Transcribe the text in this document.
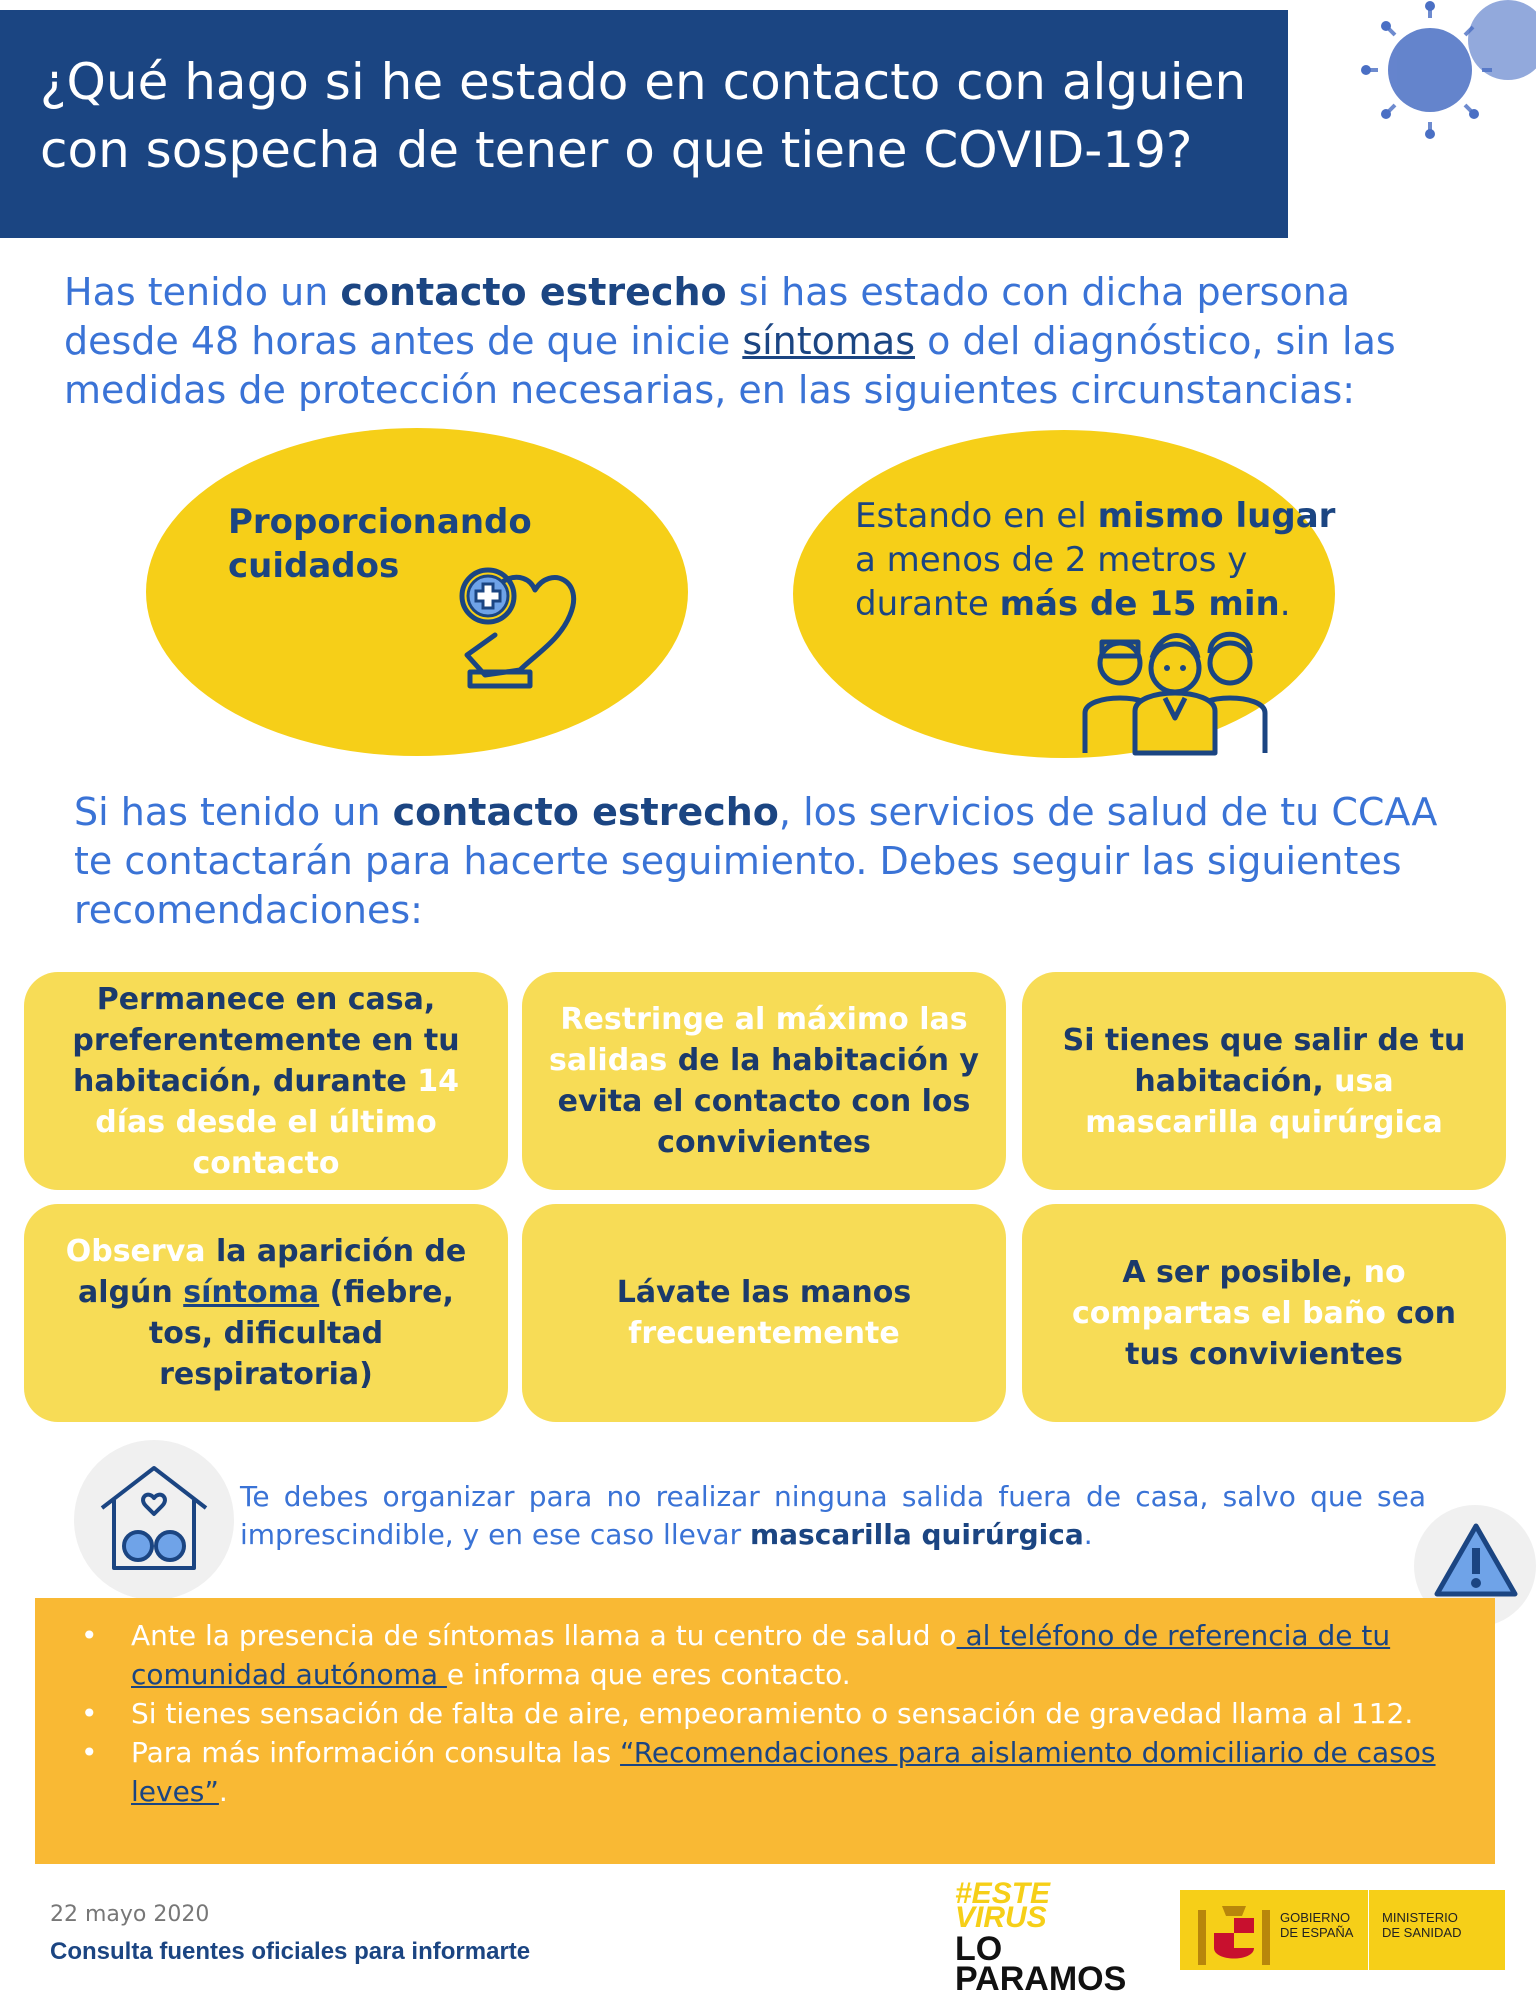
¿Qué hago si he estado en contacto con alguien
con sospecha de tener o que tiene COVID-19?
Has tenido un contacto estrecho si has estado con dicha persona desde 48 horas antes de que inicie síntomas o del diagnóstico, sin las medidas de protección necesarias, en las siguientes circunstancias:
Proporcionando
cuidados
Estando en el mismo lugar
a menos de 2 metros y
durante más de 15 min.
Si has tenido un contacto estrecho, los servicios de salud de tu CCAA te contactarán para hacerte seguimiento. Debes seguir las siguientes recomendaciones:
Permanece en casa, preferentemente en tu habitación, durante 14 días desde el último contacto
Restringe al máximo las salidas de la habitación y evita el contacto con los convivientes
Si tienes que salir de tu habitación, usa mascarilla quirúrgica
Observa la aparición de algún síntoma (fiebre, tos, dificultad respiratoria)
Lávate las manos frecuentemente
A ser posible, no compartas el baño con tus convivientes
Te debes organizar para no realizar ninguna salida fuera de casa, salvo que sea imprescindible, y en ese caso llevar mascarilla quirúrgica.
• Ante la presencia de síntomas llama a tu centro de salud o al teléfono de referencia de tu comunidad autónoma e informa que eres contacto.
• Si tienes sensación de falta de aire, empeoramiento o sensación de gravedad llama al 112.
• Para más información consulta las “Recomendaciones para aislamiento domiciliario de casos leves”.
22 mayo 2020
Consulta fuentes oficiales para informarte
#ESTE
VIRUS
LO
PARAMOS
GOBIERNO
DE ESPAÑA
MINISTERIO
DE SANIDAD
